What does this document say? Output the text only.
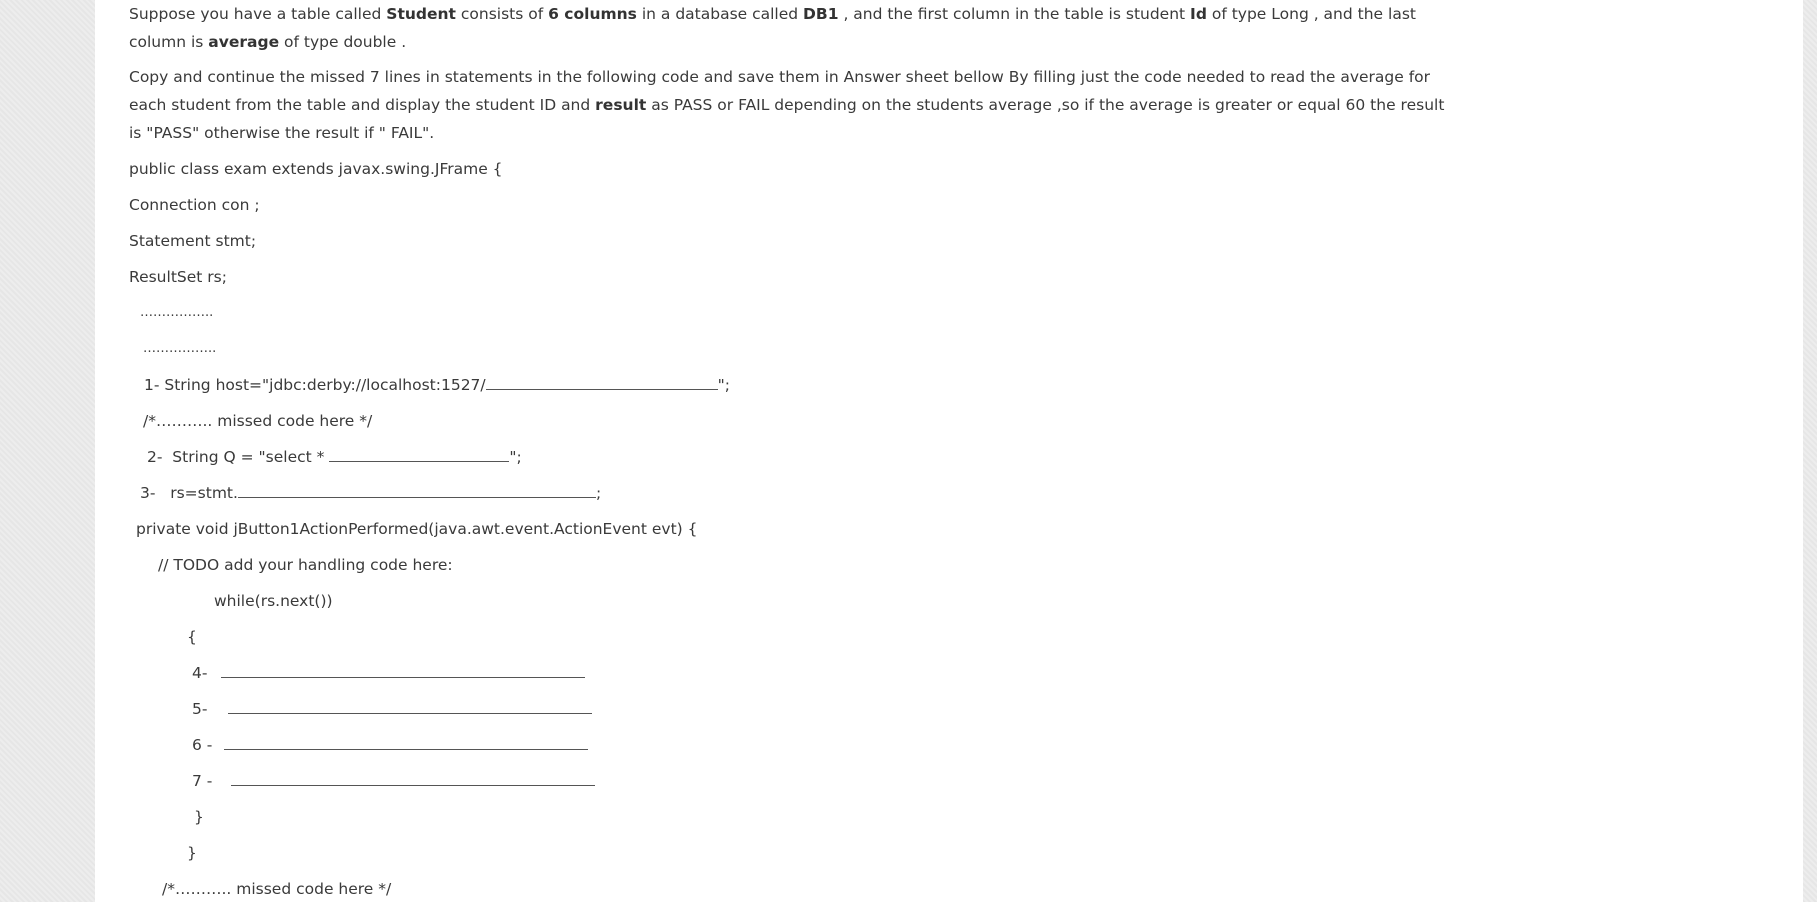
Suppose you have a table called Student consists of 6 columns in a database called DB1 , and the first column in the table is student Id of type Long , and the last column is average of type double .

Copy and continue the missed 7 lines in statements in the following code and save them in Answer sheet bellow By filling just the code needed to read the average for each student from the table and display the student ID and result as PASS or FAIL depending on the students average ,so if the average is greater or equal 60 the result is "PASS" otherwise the result if " FAIL".

public class exam extends javax.swing.JFrame {
Connection con ;
Statement stmt;
ResultSet rs;
……………..
……………..
1- String host="jdbc:derby://localhost:1527/	";
/*……….. missed code here */
2-  String Q = "select *	";
3-   rs=stmt.	;
private void jButton1ActionPerformed(java.awt.event.ActionEvent evt) {
// TODO add your handling code here:
while(rs.next())
{
4-
5-
6 -
7 -
}
}
/*……….. missed code here */
